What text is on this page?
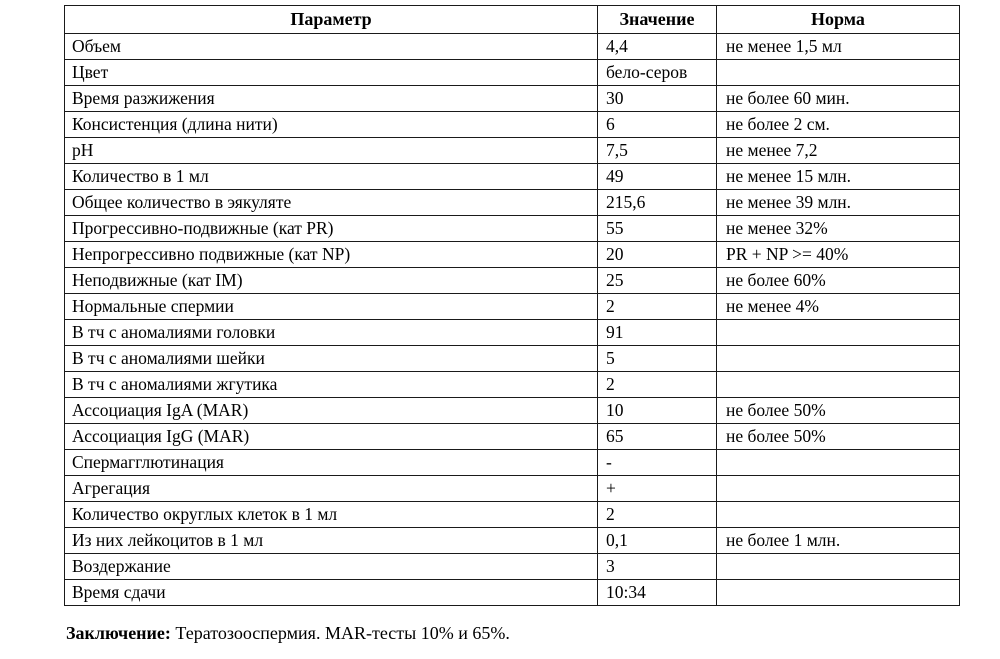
Параметр	Значение	Норма
Объем	4,4	не менее 1,5 мл
Цвет	бело-серов	
Время разжижения	30	не более 60 мин.
Консистенция (длина нити)	6	не более 2 см.
pH	7,5	не менее 7,2
Количество в 1 мл	49	не менее 15 млн.
Общее количество в эякуляте	215,6	не менее 39 млн.
Прогрессивно-подвижные (кат PR)	55	не менее 32%
Непрогрессивно подвижные (кат NP)	20	PR + NP >= 40%
Неподвижные (кат IM)	25	не более 60%
Нормальные спермии	2	не менее 4%
В тч с аномалиями головки	91	
В тч с аномалиями шейки	5	
В тч с аномалиями жгутика	2	
Ассоциация IgA (MAR)	10	не более 50%
Ассоциация IgG (MAR)	65	не более 50%
Спермагглютинация	-	
Агрегация	+	
Количество округлых клеток в 1 мл	2	
Из них лейкоцитов в 1 мл	0,1	не более 1 млн.
Воздержание	3	
Время сдачи	10:34	
Заключение: Тератозооспермия. MAR-тесты 10% и 65%.
